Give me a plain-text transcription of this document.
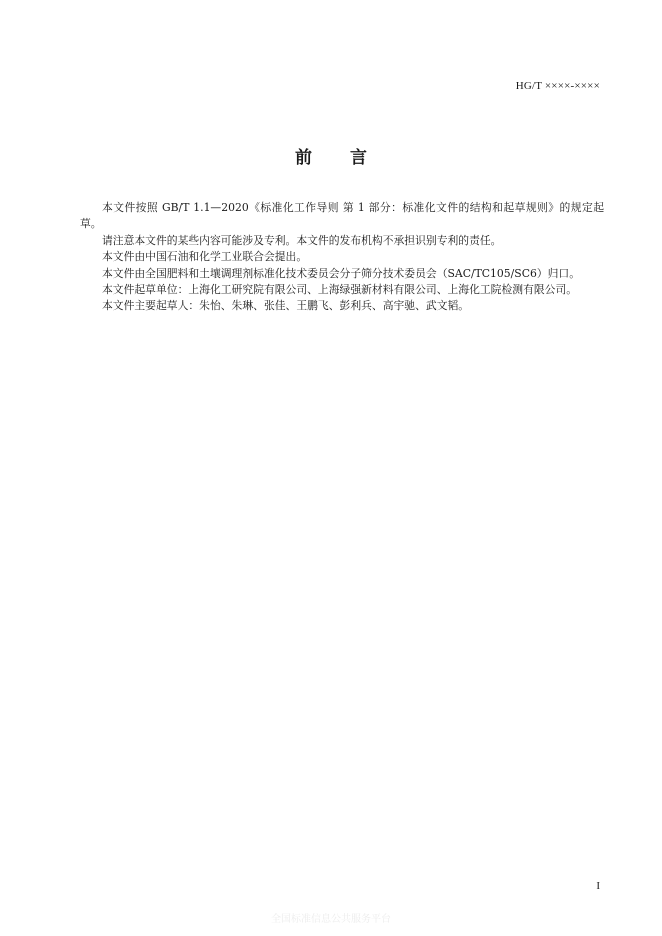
HG/T ××××-××××
前言

本文件按照 GB/T 1.1—2020《标准化工作导则 第 1 部分：标准化文件的结构和起草规则》的规定起草。

请注意本文件的某些内容可能涉及专利。本文件的发布机构不承担识别专利的责任。

本文件由中国石油和化学工业联合会提出。

本文件由全国肥料和土壤调理剂标准化技术委员会分子筛分技术委员会（SAC/TC105/SC6）归口。

本文件起草单位：上海化工研究院有限公司、上海绿强新材料有限公司、上海化工院检测有限公司。

本文件主要起草人：朱怡、朱琳、张佳、王鹏飞、彭利兵、高宇驰、武文韬。

I
全国标准信息公共服务平台
